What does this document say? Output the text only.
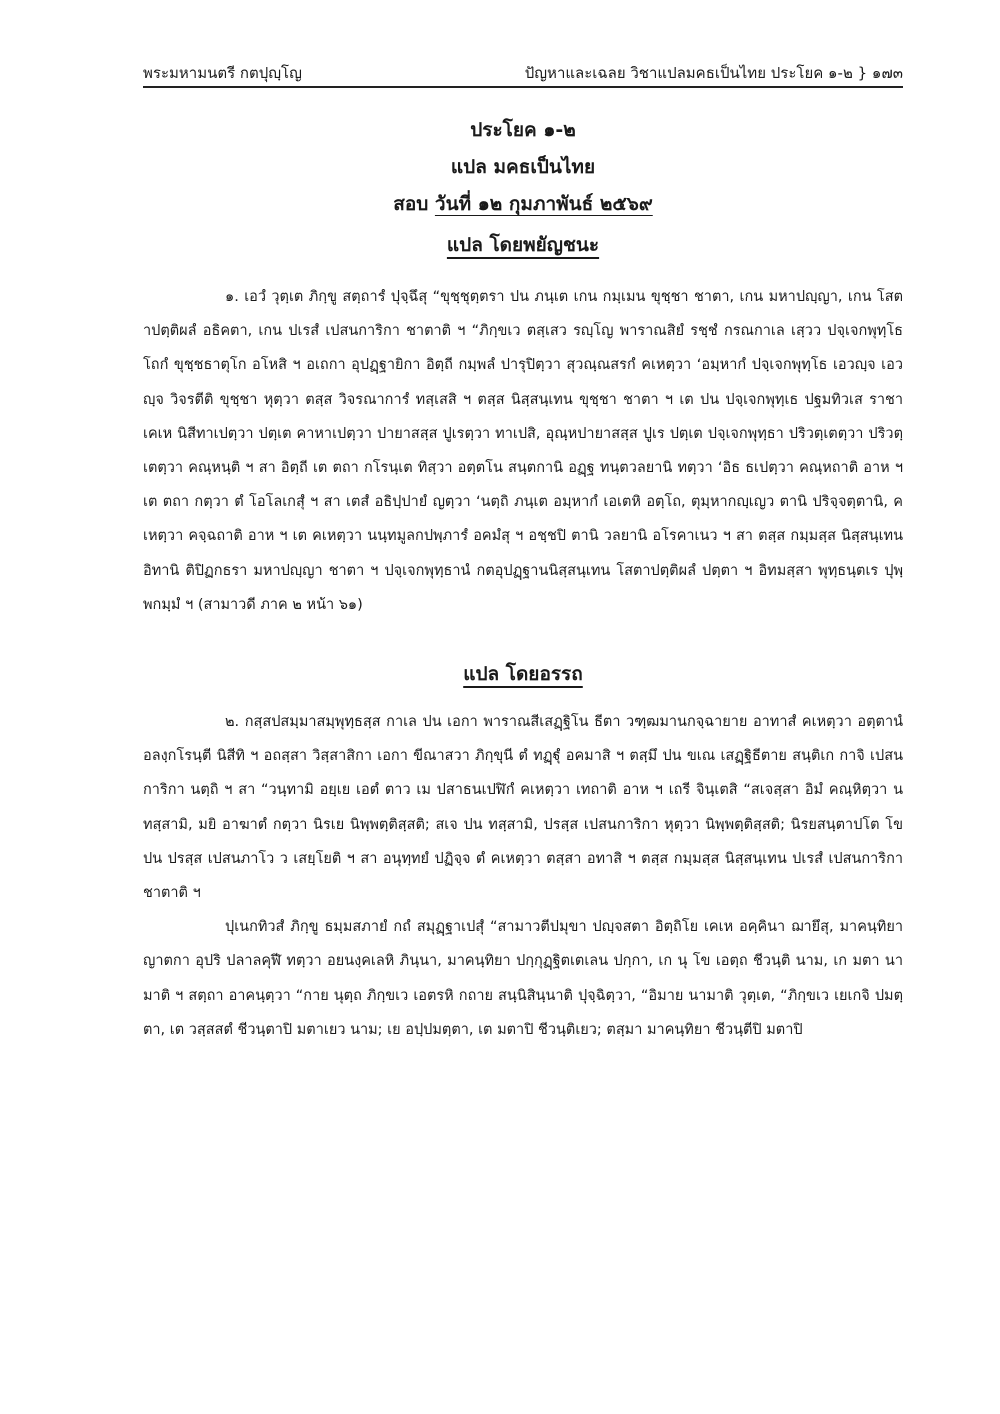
พระมหามนตรี กตปุญฺโญ	ปัญหาและเฉลย วิชาแปลมคธเป็นไทย ประโยค ๑-๒ } ๑๗๓
ประโยค ๑-๒
แปล มคธเป็นไทย
สอบ วันที่ ๑๒ กุมภาพันธ์ ๒๕๖๙
แปล โดยพยัญชนะ

๑. เอวํ วุตฺเต ภิกฺขู สตฺถารํ ปุจฺฉึสุ “ขุชฺชุตฺตรา ปน ภนฺเต เกน กมฺเมน ขุชฺชา ชาตา, เกน มหาปญฺญา, เกน โสตาปตฺติผลํ อธิคตา, เกน ปเรสํ เปสนการิกา ชาตาติ ฯ “ภิกฺขเว ตสฺเสว รญฺโญ พาราณสิยํ รชฺชํ กรณกาเล เสฺวว ปจฺเจกพุทฺโธ โถกํ ขุชฺชธาตุโก อโหสิ ฯ อเถกา อุปฏฺฐายิกา อิตฺถี กมฺพลํ ปารุปิตฺวา สุวณฺณสรกํ คเหตฺวา ‘อมฺหากํ ปจฺเจกพุทฺโธ เอวญฺจ เอวญฺจ วิจรตีติ ขุชฺชา หุตฺวา ตสฺส วิจรณาการํ ทสฺเสสิ ฯ ตสฺส นิสฺสนฺเทน ขุชฺชา ชาตา ฯ เต ปน ปจฺเจกพุทฺเธ ปฐมทิวเส ราชา เคเห นิสีทาเปตฺวา ปตฺเต คาหาเปตฺวา ปายาสสฺส ปูเรตฺวา ทาเปสิ, อุณฺหปายาสสฺส ปูเร ปตฺเต ปจฺเจกพุทฺธา ปริวตฺเตตฺวา ปริวตฺเตตฺวา คณฺหนฺติ ฯ สา อิตฺถี เต ตถา กโรนฺเต ทิสฺวา อตฺตโน สนฺตกานิ อฏฺฐ ทนฺตวลยานิ ทตฺวา ‘อิธ ธเปตฺวา คณฺหถาติ อาห ฯ เต ตถา กตฺวา ตํ โอโลเกสุํ ฯ สา เตสํ อธิปฺปายํ ญตฺวา ‘นตฺถิ ภนฺเต อมฺหากํ เอเตหิ อตฺโถ, ตุมฺหากญฺเญว ตานิ ปริจฺจตฺตานิ, คเหตฺวา คจฺฉถาติ อาห ฯ เต คเหตฺวา นนฺทมูลกปพฺภารํ อคมํสุ ฯ อชฺชปิ ตานิ วลยานิ อโรคาเนว ฯ สา ตสฺส กมฺมสฺส นิสฺสนฺเทน อิทานิ ติปิฏกธรา มหาปญฺญา ชาตา ฯ ปจฺเจกพุทฺธานํ กตอุปฏฺฐานนิสฺสนฺเทน โสตาปตฺติผลํ ปตฺตา ฯ อิทมสฺสา พุทฺธนฺตเร ปุพฺพกมฺมํ ฯ (สามาวดี ภาค ๒ หน้า ๖๑)

แปล โดยอรรถ

๒. กสฺสปสมฺมาสมฺพุทฺธสฺส กาเล ปน เอกา พาราณสีเสฏฺฐิโน ธีตา วฑฺฒมานกจฺฉายาย อาทาสํ คเหตฺวา อตฺตานํ อลงฺกโรนฺตี นิสีทิ ฯ อถสฺสา วิสฺสาสิกา เอกา ขีณาสวา ภิกฺขุนี ตํ ทฏฺฐุํ อคมาสิ ฯ ตสฺมึ ปน ขเณ เสฏฺฐิธีตาย สนฺติเก กาจิ เปสนการิกา นตฺถิ ฯ สา “วนฺทามิ อยฺเย เอตํ ตาว เม ปสาธนเปฬิกํ คเหตฺวา เทถาติ อาห ฯ เถรี จินฺเตสิ “สเจสฺสา อิมํ คณฺหิตฺวา น ทสฺสามิ, มยิ อาฆาตํ กตฺวา นิรเย นิพฺพตฺติสฺสติ; สเจ ปน ทสฺสามิ, ปรสฺส เปสนการิกา หุตฺวา นิพฺพตฺติสฺสติ; นิรยสนฺตาปโต โข ปน ปรสฺส เปสนภาโว ว เสยฺโยติ ฯ สา อนุทฺทยํ ปฏิจฺจ ตํ คเหตฺวา ตสฺสา อทาสิ ฯ ตสฺส กมฺมสฺส นิสฺสนฺเทน ปเรสํ เปสนการิกา ชาตาติ ฯ

ปุเนกทิวสํ ภิกฺขู ธมฺมสภายํ กถํ สมุฏฺฐาเปสุํ “สามาวตีปมุขา ปญฺจสตา อิตฺถิโย เคเห อคฺคินา ฌายึสุ, มาคนฺทิยา ญาตกา อุปริ ปลาลคุฬี ทตฺวา อยนงฺคเลหิ ภินฺนา, มาคนฺทิยา ปกฺกุฏฺฐิตเตเลน ปกฺกา, เก นุ โข เอตฺถ ชีวนฺติ นาม, เก มตา นามาติ ฯ สตฺถา อาคนฺตฺวา “กาย นุตฺถ ภิกฺขเว เอตรหิ กถาย สนฺนิสินฺนาติ ปุจฺฉิตฺวา, “อิมาย นามาติ วุตฺเต, “ภิกฺขเว เยเกจิ ปมตฺตา, เต วสฺสสตํ ชีวนฺตาปิ มตาเยว นาม; เย อปฺปมตฺตา, เต มตาปิ ชีวนฺติเยว; ตสฺมา มาคนฺทิยา ชีวนฺตีปิ มตาปิ
